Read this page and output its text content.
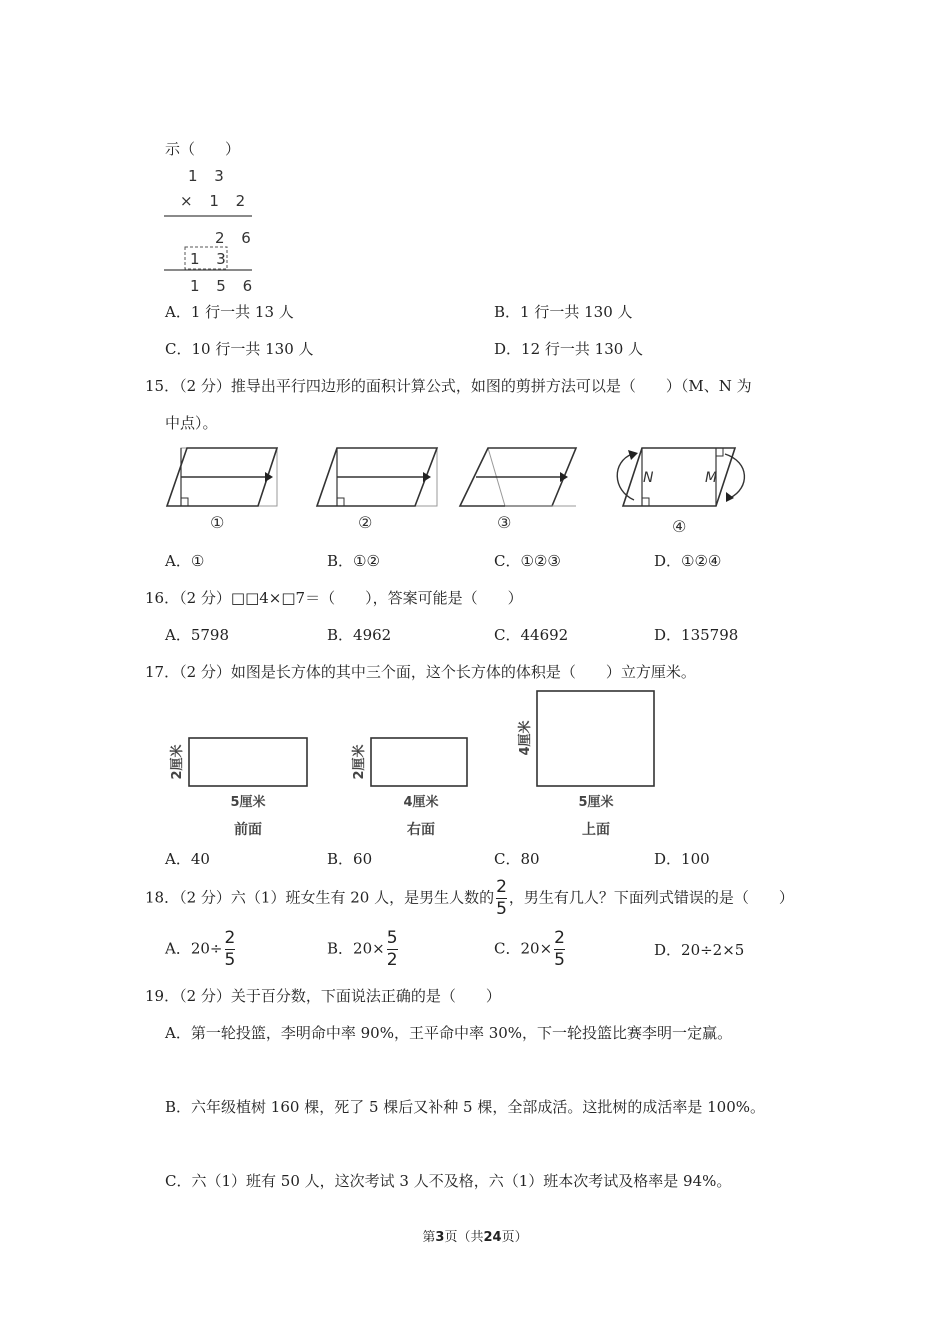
示（　　）
1 3
× 1 2
2 6
1 3
1 5 6
A．1 行一共 13 人	B．1 行一共 130 人
C．10 行一共 130 人	D．12 行一共 130 人
15．（2 分）推导出平行四边形的面积计算公式，如图的剪拼方法可以是（　　）（M、N 为
中点）。
①	②	③
N	M
④
A．①	B．①②	C．①②③	D．①②④
16．（2 分）□□4×□7＝（　　），答案可能是（　　）
A．5798	B．4962	C．44692	D．135798
17．（2 分）如图是长方体的其中三个面，这个长方体的体积是（　　）立方厘米。
2厘米
5厘米
前面
2厘米
4厘米
右面
4厘米
5厘米
上面
A．40	B．60	C．80	D．100
18．（2 分）六（1）班女生有 20 人，是男生人数的 $\frac{2}{5}$ ，男生有几人？下面列式错误的是（　　）
A．$20\div \frac{2}{5}$	B．$20\times \frac{5}{2}$	C．$20\times \frac{2}{5}$	D．20÷2×5
19．（2 分）关于百分数，下面说法正确的是（　　）
A．第一轮投篮，李明命中率 90%，王平命中率 30%，下一轮投篮比赛李明一定赢。
B．六年级植树 160 棵，死了 5 棵后又补种 5 棵，全部成活。这批树的成活率是 100%。
C．六（1）班有 50 人，这次考试 3 人不及格，六（1）班本次考试及格率是 94%。
第3页（共24页）
